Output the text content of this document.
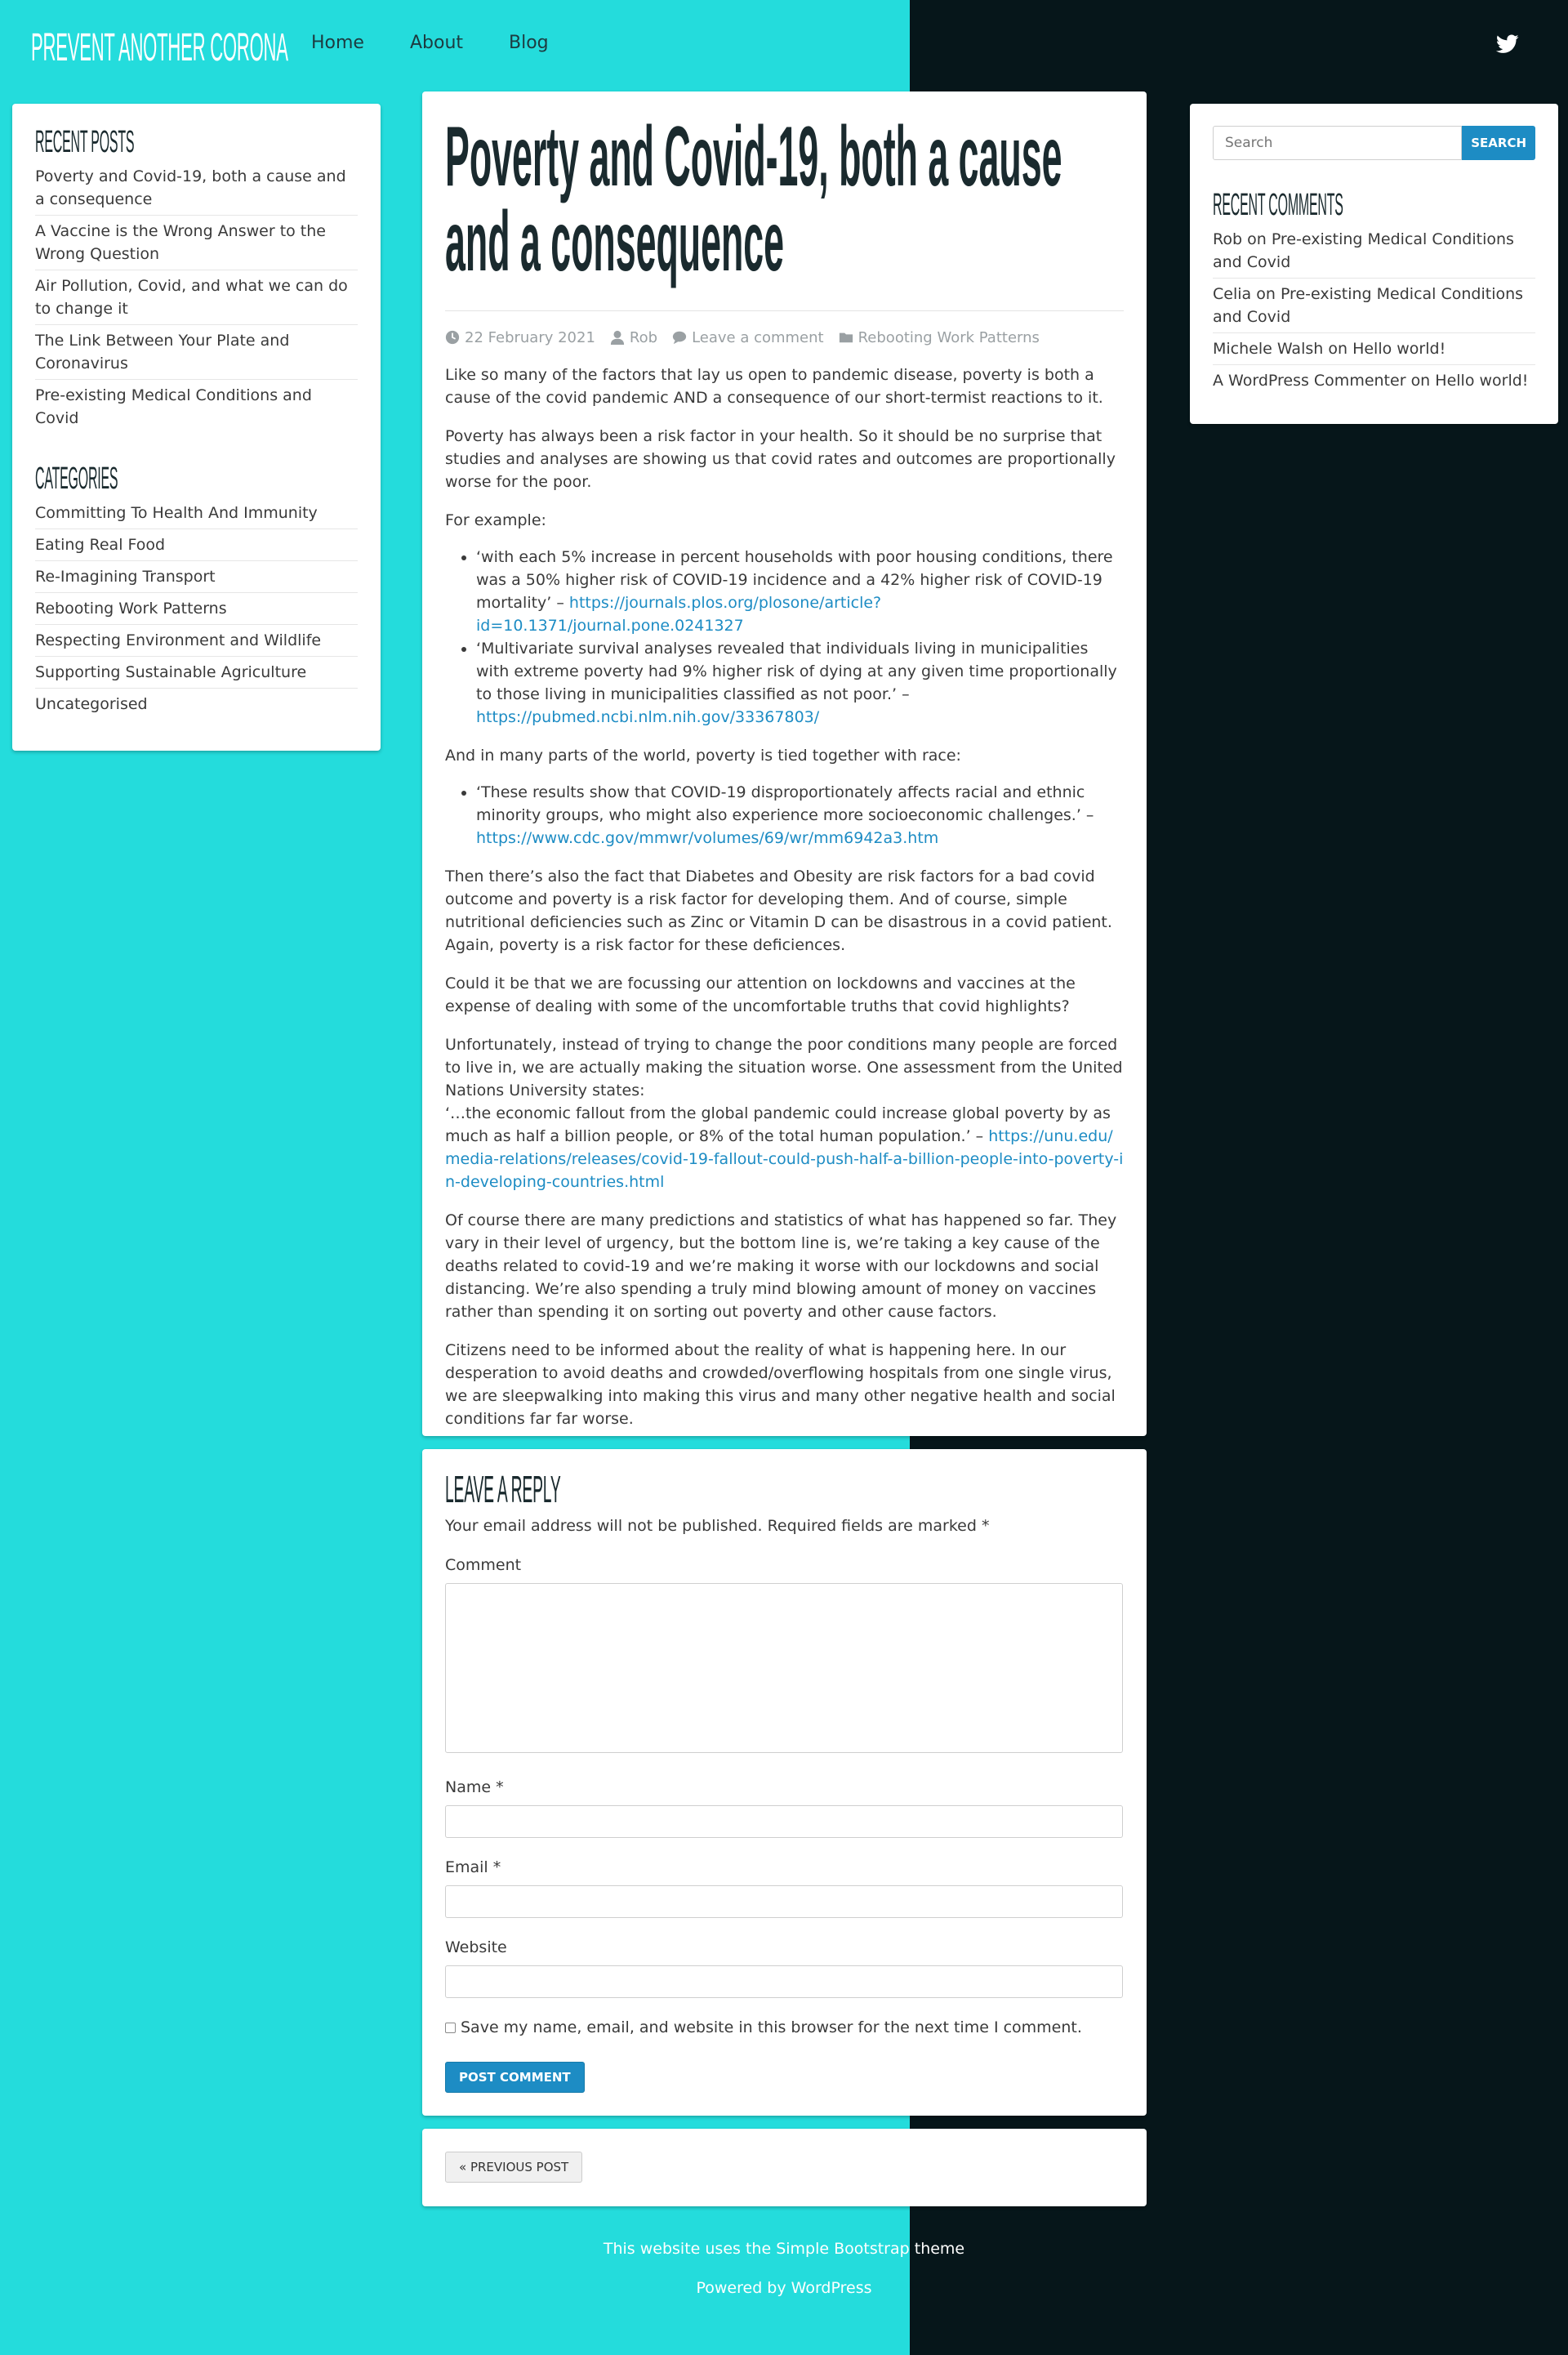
PREVENT ANOTHER CORONA	Home	About	Blog
RECENT POSTS
Poverty and Covid-19, both a cause and a consequence
A Vaccine is the Wrong Answer to the Wrong Question
Air Pollution, Covid, and what we can do to change it
The Link Between Your Plate and Coronavirus
Pre-existing Medical Conditions and Covid
CATEGORIES
Committing To Health And Immunity
Eating Real Food
Re-Imagining Transport
Rebooting Work Patterns
Respecting Environment and Wildlife
Supporting Sustainable Agriculture
Uncategorised
Search
SEARCH
RECENT COMMENTS
Rob on Pre-existing Medical Conditions and Covid
Celia on Pre-existing Medical Conditions and Covid
Michele Walsh on Hello world!
A WordPress Commenter on Hello world!
Poverty and Covid-19, both a cause
and a consequence
22 February 2021 Rob Leave a comment Rebooting Work Patterns

Like so many of the factors that lay us open to pandemic disease, poverty is both a cause of the covid pandemic AND a consequence of our short-termist reactions to it.

Poverty has always been a risk factor in your health. So it should be no surprise that studies and analyses are showing us that covid rates and outcomes are proportionally worse for the poor.

For example:

• ‘with each 5% increase in percent households with poor housing conditions, there was a 50% higher risk of COVID-19 incidence and a 42% higher risk of COVID-19 mortality’ – https://journals.plos.org/plosone/article?id=10.1371/journal.pone.0241327
• ‘Multivariate survival analyses revealed that individuals living in municipalities with extreme poverty had 9% higher risk of dying at any given time proportionally to those living in municipalities classified as not poor.’ – https://pubmed.ncbi.nlm.nih.gov/33367803/

And in many parts of the world, poverty is tied together with race:

• ‘These results show that COVID-19 disproportionately affects racial and ethnic minority groups, who might also experience more socioeconomic challenges.’ – https://www.cdc.gov/mmwr/volumes/69/wr/mm6942a3.htm

Then there’s also the fact that Diabetes and Obesity are risk factors for a bad covid outcome and poverty is a risk factor for developing them. And of course, simple nutritional deficiencies such as Zinc or Vitamin D can be disastrous in a covid patient. Again, poverty is a risk factor for these deficiences.

Could it be that we are focussing our attention on lockdowns and vaccines at the expense of dealing with some of the uncomfortable truths that covid highlights?

Unfortunately, instead of trying to change the poor conditions many people are forced to live in, we are actually making the situation worse. One assessment from the United Nations University states:
‘…the economic fallout from the global pandemic could increase global poverty by as much as half a billion people, or 8% of the total human population.’ – https://unu.edu/media-relations/releases/covid-19-fallout-could-push-half-a-billion-people-into-poverty-in-developing-countries.html

Of course there are many predictions and statistics of what has happened so far. They vary in their level of urgency, but the bottom line is, we’re taking a key cause of the deaths related to covid-19 and we’re making it worse with our lockdowns and social distancing. We’re also spending a truly mind blowing amount of money on vaccines rather than spending it on sorting out poverty and other cause factors.

Citizens need to be informed about the reality of what is happening here. In our desperation to avoid deaths and crowded/overflowing hospitals from one single virus, we are sleepwalking into making this virus and many other negative health and social conditions far far worse.

LEAVE A REPLY

Your email address will not be published. Required fields are marked *

Comment
Name *
Email *
Website
Save my name, email, and website in this browser for the next time I comment.
POST COMMENT
« PREVIOUS POST
This website uses the Simple Bootstrap theme
Powered by WordPress
